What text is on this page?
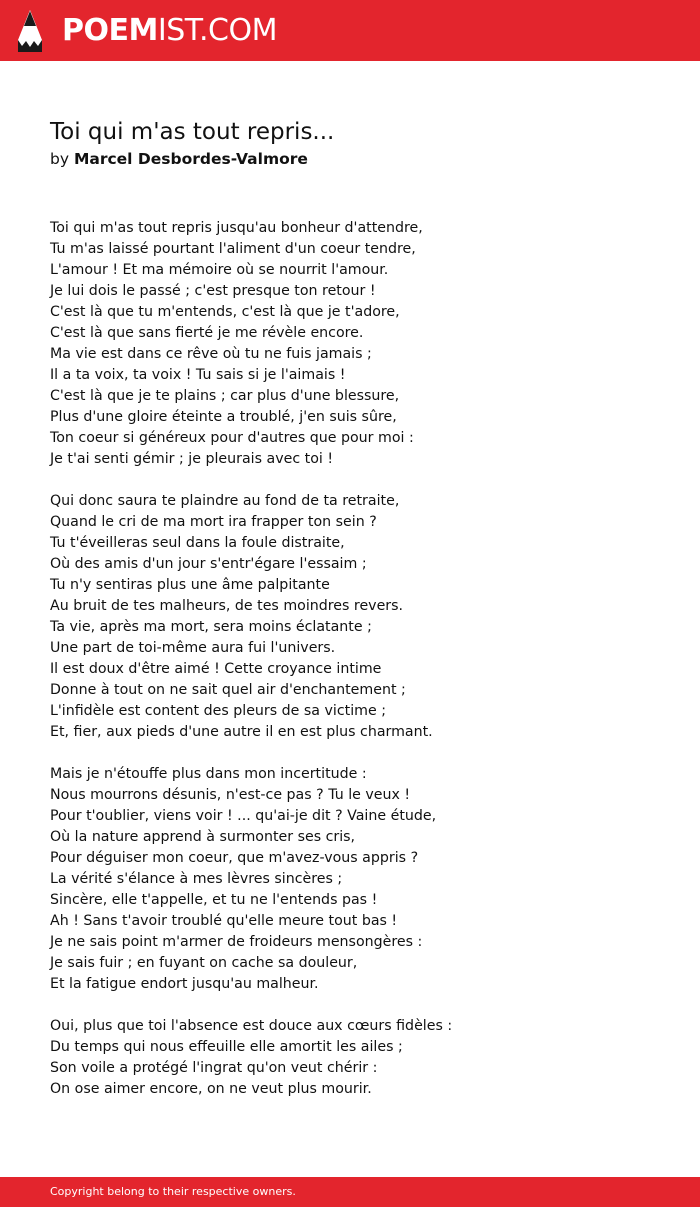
POEMIST.COM
Toi qui m'as tout repris...
by Marcel Desbordes-Valmore
Toi qui m'as tout repris jusqu'au bonheur d'attendre,
Tu m'as laissé pourtant l'aliment d'un coeur tendre,
L'amour ! Et ma mémoire où se nourrit l'amour.
Je lui dois le passé ; c'est presque ton retour !
C'est là que tu m'entends, c'est là que je t'adore,
C'est là que sans fierté je me révèle encore.
Ma vie est dans ce rêve où tu ne fuis jamais ;
Il a ta voix, ta voix ! Tu sais si je l'aimais !
C'est là que je te plains ; car plus d'une blessure,
Plus d'une gloire éteinte a troublé, j'en suis sûre,
Ton coeur si généreux pour d'autres que pour moi :
Je t'ai senti gémir ; je pleurais avec toi !
Qui donc saura te plaindre au fond de ta retraite,
Quand le cri de ma mort ira frapper ton sein ?
Tu t'éveilleras seul dans la foule distraite,
Où des amis d'un jour s'entr'égare l'essaim ;
Tu n'y sentiras plus une âme palpitante
Au bruit de tes malheurs, de tes moindres revers.
Ta vie, après ma mort, sera moins éclatante ;
Une part de toi-même aura fui l'univers.
Il est doux d'être aimé ! Cette croyance intime
Donne à tout on ne sait quel air d'enchantement ;
L'infidèle est content des pleurs de sa victime ;
Et, fier, aux pieds d'une autre il en est plus charmant.
Mais je n'étouffe plus dans mon incertitude :
Nous mourrons désunis, n'est-ce pas ? Tu le veux !
Pour t'oublier, viens voir ! ... qu'ai-je dit ? Vaine étude,
Où la nature apprend à surmonter ses cris,
Pour déguiser mon coeur, que m'avez-vous appris ?
La vérité s'élance à mes lèvres sincères ;
Sincère, elle t'appelle, et tu ne l'entends pas !
Ah ! Sans t'avoir troublé qu'elle meure tout bas !
Je ne sais point m'armer de froideurs mensongères :
Je sais fuir ; en fuyant on cache sa douleur,
Et la fatigue endort jusqu'au malheur.
Oui, plus que toi l'absence est douce aux cœurs fidèles :
Du temps qui nous effeuille elle amortit les ailes ;
Son voile a protégé l'ingrat qu'on veut chérir :
On ose aimer encore, on ne veut plus mourir.
Copyright belong to their respective owners.
